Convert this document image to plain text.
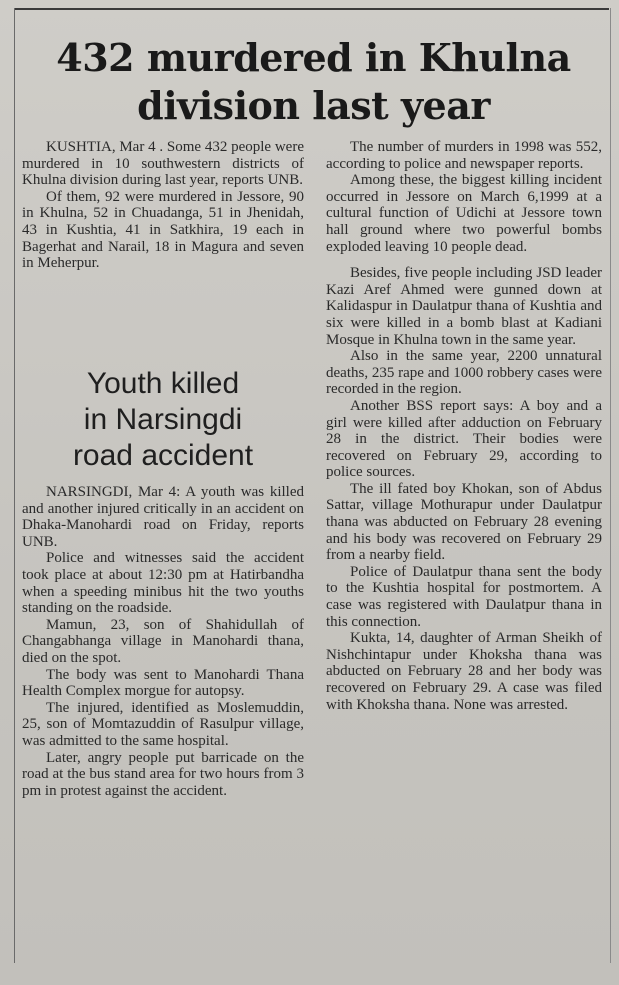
432 murdered in Khulna
division last year

KUSHTIA, Mar 4 . Some 432 people were murdered in 10 southwestern districts of Khulna division during last year, reports UNB.

Of them, 92 were murdered in Jessore, 90 in Khulna, 52 in Chuadanga, 51 in Jhenidah, 43 in Kushtia, 41 in Satkhira, 19 each in Bagerhat and Narail, 18 in Magura and seven in Meherpur.

Youth killed
in Narsingdi
road accident

NARSINGDI, Mar 4: A youth was killed and another injured critically in an accident on Dhaka-Manohardi road on Friday, reports UNB.

Police and witnesses said the accident took place at about 12:30 pm at Hatirbandha when a speeding minibus hit the two youths standing on the roadside.

Mamun, 23, son of Shahidullah of Changabhanga village in Manohardi thana, died on the spot.

The body was sent to Manohardi Thana Health Complex morgue for autopsy.

The injured, identified as Moslemuddin, 25, son of Momtazuddin of Rasulpur village, was admitted to the same hospital.

Later, angry people put barricade on the road at the bus stand area for two hours from 3 pm in protest against the accident.

The number of murders in 1998 was 552, according to police and newspaper reports.

Among these, the biggest killing incident occurred in Jessore on March 6,1999 at a cultural function of Udichi at Jessore town hall ground where two powerful bombs exploded leaving 10 people dead.

Besides, five people including JSD leader Kazi Aref Ahmed were gunned down at Kalidaspur in Daulatpur thana of Kushtia and six were killed in a bomb blast at Kadiani Mosque in Khulna town in the same year.

Also in the same year, 2200 unnatural deaths, 235 rape and 1000 robbery cases were recorded in the region.

Another BSS report says: A boy and a girl were killed after adduction on February 28 in the district. Their bodies were recovered on February 29, according to police sources.

The ill fated boy Khokan, son of Abdus Sattar, village Mothurapur under Daulatpur thana was abducted on February 28 evening and his body was recovered on February 29 from a nearby field.

Police of Daulatpur thana sent the body to the Kushtia hospital for postmortem. A case was registered with Daulatpur thana in this connection.

Kukta, 14, daughter of Arman Sheikh of Nishchintapur under Khoksha thana was abducted on February 28 and her body was recovered on February 29. A case was filed with Khoksha thana. None was arrested.
